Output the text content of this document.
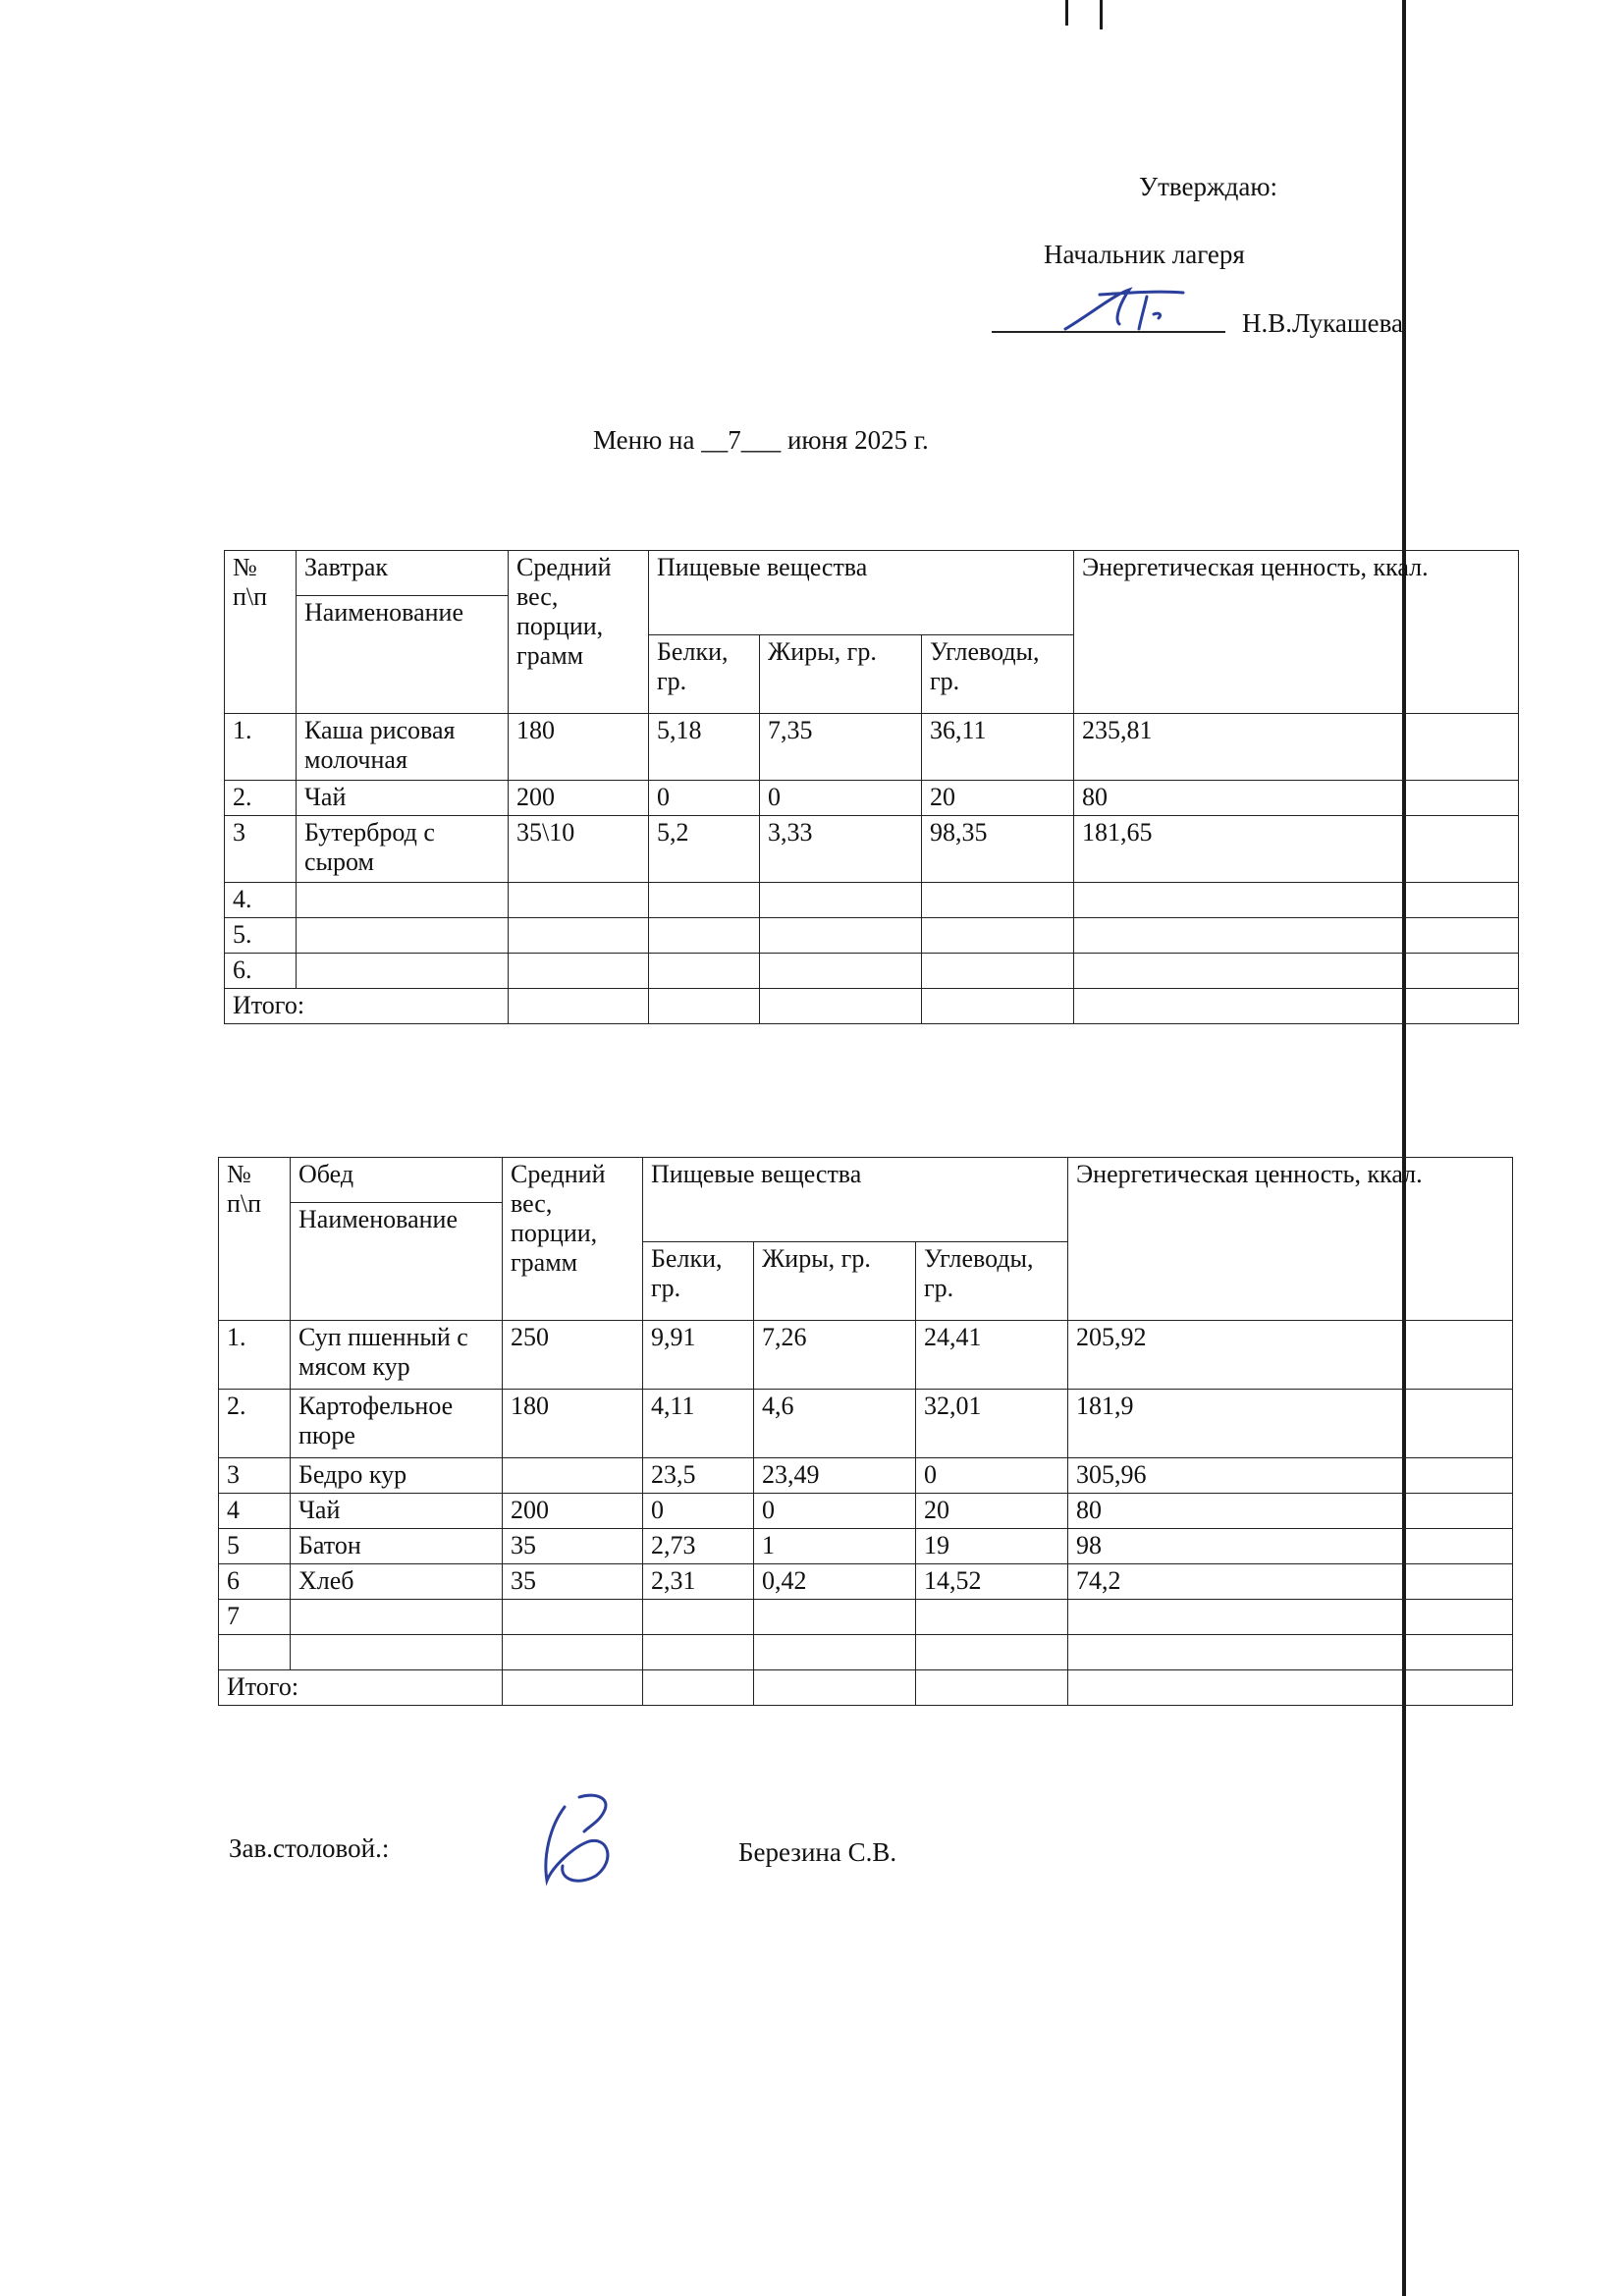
Утверждаю:
Начальник лагеря
Н.В.Лукашева
Меню на __7___ июня 2025 г.
№ п\п	Завтрак	Средний вес, порции, грамм	Пищевые вещества			Энергетическая ценность, ккал.
	Наименование					
			Белки, гр.	Жиры, гр.	Углеводы, гр.	
1.	Каша рисовая молочная	180	5,18	7,35	36,11	235,81
2.	Чай	200	0	0	20	80
3	Бутерброд с сыром	35\10	5,2	3,33	98,35	181,65
4.						
5.						
6.						
Итого:						
№ п\п	Обед	Средний вес, порции, грамм	Пищевые вещества			Энергетическая ценность, ккал.
	Наименование					
			Белки, гр.	Жиры, гр.	Углеводы, гр.	
1.	Суп пшенный с мясом кур	250	9,91	7,26	24,41	205,92
2.	Картофельное пюре	180	4,11	4,6	32,01	181,9
3	Бедро кур		23,5	23,49	0	305,96
4	Чай	200	0	0	20	80
5	Батон	35	2,73	1	19	98
6	Хлеб	35	2,31	0,42	14,52	74,2
7						

Итого:						
Зав.столовой.:	Березина С.В.
